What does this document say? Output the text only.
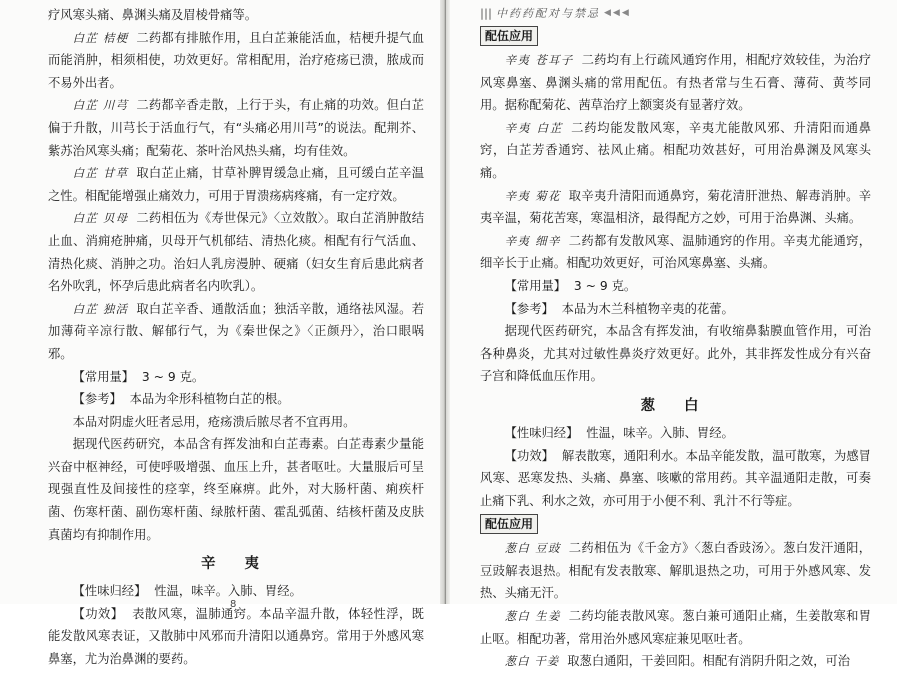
疗风寒头痛、鼻渊头痛及眉棱骨痛等。

白芷 桔梗 二药都有排脓作用，且白芷兼能活血，桔梗升提气血而能消肿，相须相使，功效更好。常相配用，治疗疮疡已溃，脓成而不易外出者。

白芷 川芎 二药都辛香走散，上行于头，有止痛的功效。但白芷偏于升散，川芎长于活血行气，有“头痛必用川芎”的说法。配荆芥、紫苏治风寒头痛；配菊花、茶叶治风热头痛，均有佳效。

白芷 甘草 取白芷止痛，甘草补脾胃缓急止痛，且可缓白芷辛温之性。相配能增强止痛效力，可用于胃溃疡病疼痛，有一定疗效。

白芷 贝母 二药相伍为《寿世保元》〈立效散〉。取白芷消肿散结止血、消痈疮肿痛，贝母开气机郁结、清热化痰。相配有行气活血、清热化痰、消肿之功。治妇人乳房漫肿、硬痛（妇女生育后患此病者名外吹乳，怀孕后患此病者名内吹乳）。

白芷 独活 取白芷辛香、通散活血；独活辛散，通络祛风湿。若加薄荷辛凉行散、解郁行气，为《秦世保之》〈正颜丹〉，治口眼㖞邪。

【常用量】 3 ~ 9 克。

【参考】 本品为伞形科植物白芷的根。

本品对阴虚火旺者忌用，疮疡溃后脓尽者不宜再用。

据现代医药研究，本品含有挥发油和白芷毒素。白芷毒素少量能兴奋中枢神经，可使呼吸增强、血压上升，甚者呕吐。大量服后可呈现强直性及间接性的痉挛，终至麻痹。此外，对大肠杆菌、痢疾杆菌、伤寒杆菌、副伤寒杆菌、绿脓杆菌、霍乱弧菌、结核杆菌及皮肤真菌均有抑制作用。

辛 夷

【性味归经】 性温，味辛。入肺、胃经。

【功效】 表散风寒，温肺通窍。本品辛温升散，体轻性浮，既能发散风寒表证，又散肺中风邪而升清阳以通鼻窍。常用于外感风寒鼻塞，尤为治鼻渊的要药。

8
||| 中药药配对与禁忌 ◀◀◀
配伍应用

辛夷 苍耳子 二药均有上行疏风通窍作用，相配疗效较佳，为治疗风寒鼻塞、鼻渊头痛的常用配伍。有热者常与生石膏、薄荷、黄芩同用。据称配菊花、茜草治疗上额窦炎有显著疗效。

辛夷 白芷 二药均能发散风寒，辛夷尤能散风邪、升清阳而通鼻窍，白芷芳香通窍、祛风止痛。相配功效甚好，可用治鼻渊及风寒头痛。

辛夷 菊花 取辛夷升清阳而通鼻窍，菊花清肝泄热、解毒消肿。辛夷辛温，菊花苦寒，寒温相济，最得配方之妙，可用于治鼻渊、头痛。

辛夷 细辛 二药都有发散风寒、温肺通窍的作用。辛夷尤能通窍，细辛长于止痛。相配功效更好，可治风寒鼻塞、头痛。

【常用量】 3 ~ 9 克。

【参考】 本品为木兰科植物辛夷的花蕾。

据现代医药研究，本品含有挥发油，有收缩鼻黏膜血管作用，可治各种鼻炎，尤其对过敏性鼻炎疗效更好。此外，其非挥发性成分有兴奋子宫和降低血压作用。

葱 白

【性味归经】 性温，味辛。入肺、胃经。

【功效】 解表散寒，通阳利水。本品辛能发散，温可散寒，为感冒风寒、恶寒发热、头痛、鼻塞、咳嗽的常用药。其辛温通阳走散，可奏止痛下乳、利水之效，亦可用于小便不利、乳汁不行等症。

配伍应用

葱白 豆豉 二药相伍为《千金方》〈葱白香豉汤〉。葱白发汗通阳，豆豉解表退热。相配有发表散寒、解肌退热之功，可用于外感风寒、发热、头痛无汗。

葱白 生姜 二药均能表散风寒。葱白兼可通阳止痛，生姜散寒和胃止呕。相配功著，常用治外感风寒症兼见呕吐者。

葱白 干姜 取葱白通阳，干姜回阳。相配有消阴升阳之效，可治
